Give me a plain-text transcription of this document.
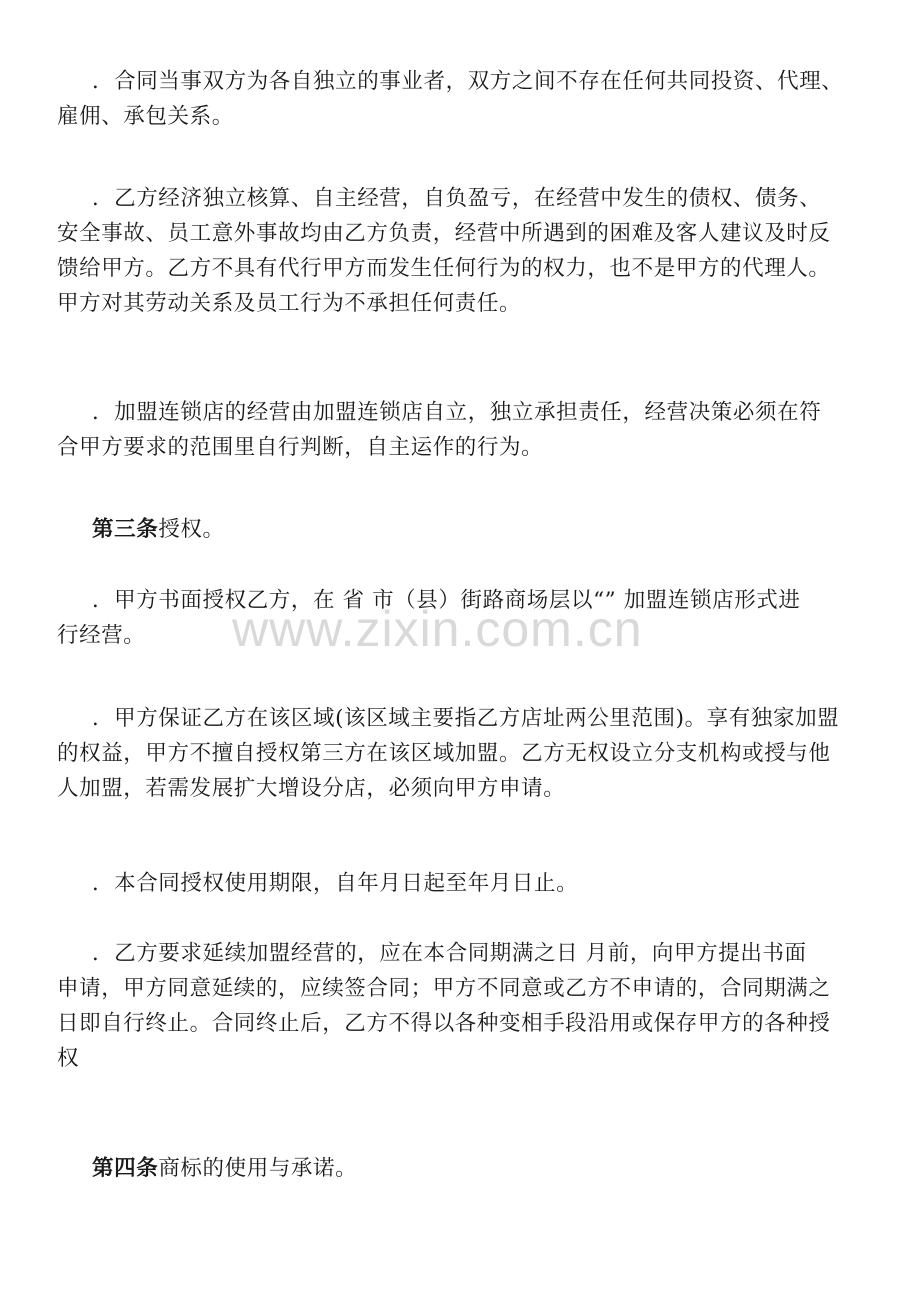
．合同当事双方为各自独立的事业者，双方之间不存在任何共同投资、代理、
雇佣、承包关系。

．乙方经济独立核算、自主经营，自负盈亏，在经营中发生的债权、债务、
安全事故、员工意外事故均由乙方负责，经营中所遇到的困难及客人建议及时反
馈给甲方。乙方不具有代行甲方而发生任何行为的权力，也不是甲方的代理人。
甲方对其劳动关系及员工行为不承担任何责任。

．加盟连锁店的经营由加盟连锁店自立，独立承担责任，经营决策必须在符
合甲方要求的范围里自行判断，自主运作的行为。

第三条授权。

．甲方书面授权乙方，在 省 市（县）街路商场层以“” 加盟连锁店形式进
行经营。

．甲方保证乙方在该区域(该区域主要指乙方店址两公里范围)。享有独家加盟
的权益，甲方不擅自授权第三方在该区域加盟。乙方无权设立分支机构或授与他
人加盟，若需发展扩大增设分店，必须向甲方申请。

．本合同授权使用期限，自年月日起至年月日止。

．乙方要求延续加盟经营的，应在本合同期满之日 月前，向甲方提出书面
申请，甲方同意延续的，应续签合同；甲方不同意或乙方不申请的，合同期满之
日即自行终止。合同终止后，乙方不得以各种变相手段沿用或保存甲方的各种授
权

第四条商标的使用与承诺。

www.zixin.com.cn
